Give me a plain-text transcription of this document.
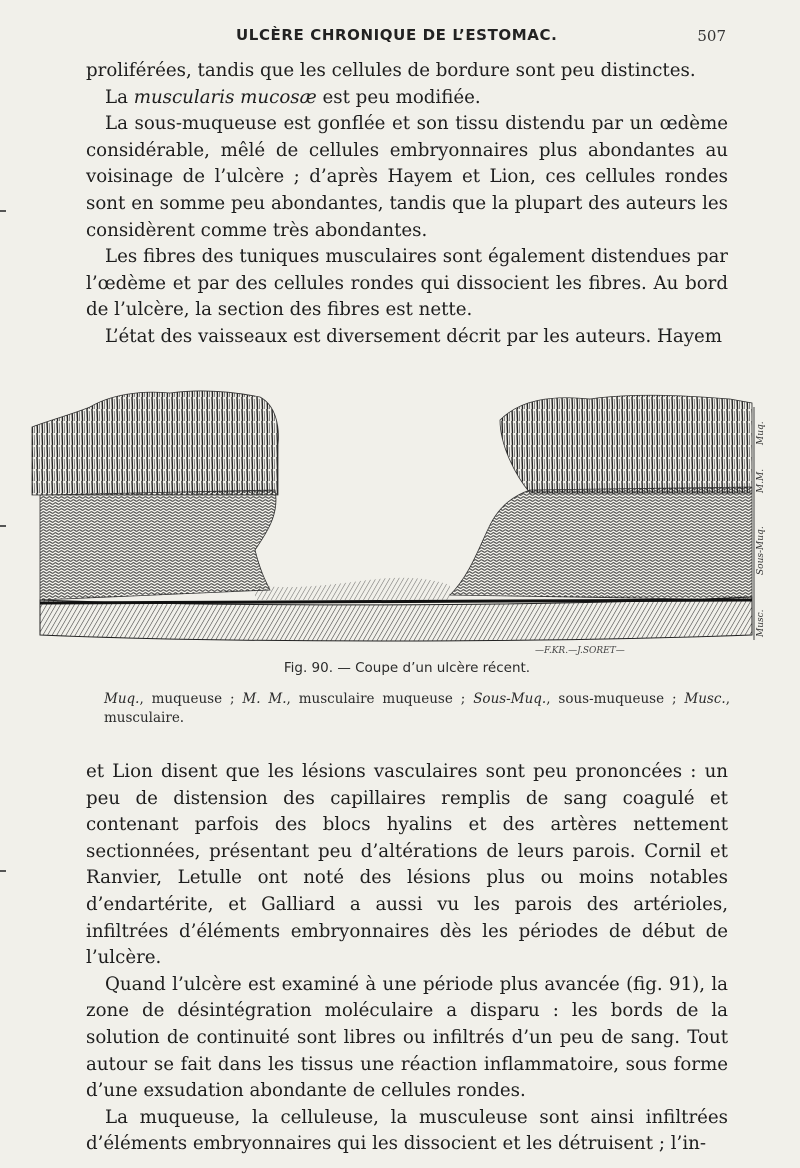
ULCÈRE CHRONIQUE DE L’ESTOMAC.	507

proliférées, tandis que les cellules de bordure sont peu distinctes.

La muscularis mucosæ est peu modifiée.

La sous-muqueuse est gonflée et son tissu distendu par un œdème considérable, mêlé de cellules embryonnaires plus abondantes au voisinage de l’ulcère ; d’après Hayem et Lion, ces cellules rondes sont en somme peu abondantes, tandis que la plupart des auteurs les considèrent comme très abondantes.

Les fibres des tuniques musculaires sont également distendues par l’œdème et par des cellules rondes qui dissocient les fibres. Au bord de l’ulcère, la section des fibres est nette.

L’état des vaisseaux est diversement décrit par les auteurs. Hayem

Muq.
M.M.
Sous-Muq.
Musc.
—F.KR.—J.SORET—
Fig. 90. — Coupe d’un ulcère récent.
Muq., muqueuse ; M. M., musculaire muqueuse ; Sous-Muq., sous-muqueuse ; Musc., musculaire.

et Lion disent que les lésions vasculaires sont peu prononcées : un peu de distension des capillaires remplis de sang coagulé et contenant parfois des blocs hyalins et des artères nettement sectionnées, présentant peu d’altérations de leurs parois. Cornil et Ranvier, Letulle ont noté des lésions plus ou moins notables d’endartérite, et Galliard a aussi vu les parois des artérioles, infiltrées d’éléments embryonnaires dès les périodes de début de l’ulcère.

Quand l’ulcère est examiné à une période plus avancée (fig. 91), la zone de désintégration moléculaire a disparu : les bords de la solution de continuité sont libres ou infiltrés d’un peu de sang. Tout autour se fait dans les tissus une réaction inflammatoire, sous forme d’une exsudation abondante de cellules rondes.

La muqueuse, la celluleuse, la musculeuse sont ainsi infiltrées d’éléments embryonnaires qui les dissocient et les détruisent ; l’in-
